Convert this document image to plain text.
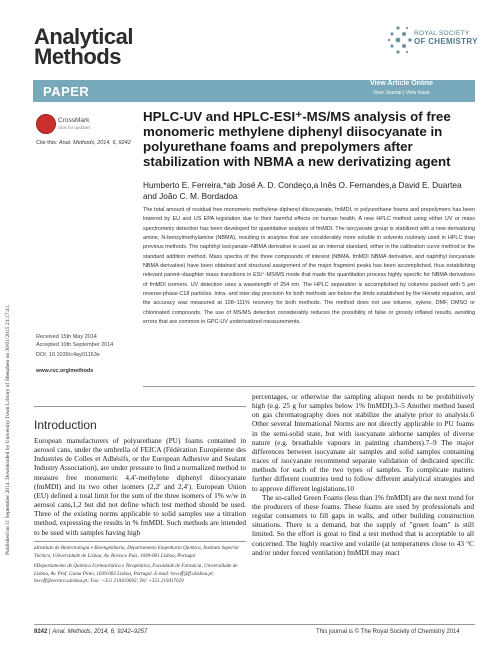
Analytical
Methods
ROYAL SOCIETY
OF CHEMISTRY
Published on 11 September 2014. Downloaded by University Town Library of Shenzhen on 30/01/2015 23:17:41.
PAPER
View Article Online
View Journal | View Issue
CrossMark
click for updates
Cite this: Anal. Methods, 2014, 6, 9242
HPLC-UV and HPLC-ESI⁺-MS/MS analysis of free monomeric methylene diphenyl diisocyanate in polyurethane foams and prepolymers after stabilization with NBMA a new derivatizing agent
Humberto E. Ferreira,*ab José A. D. Condeço,a Inês O. Fernandes,a David E. Duartea
and João C. M. Bordadoa
The total amount of residual free monomeric methylene diphenyl diisocyanate, fmMDI, in polyurethane foams and prepolymers has been lowered by EU and US EPA legislation due to their harmful effects on human health. A new HPLC method using either UV or mass spectrometry detection has been developed for quantitative analysis of fmMDI. The isocyanate group is stabilized with a new derivatizing amine, N-benzylmethylamine (NBMA), resulting in analytes that are considerably more soluble in solvents routinely used in HPLC than previous methods. The naphthyl isocyanate–NBMA derivative is used as an internal standard, either in the calibration curve method or the standard addition method. Mass spectra of the three compounds of interest (NBMA, fmMDI NBMA derivative, and naphthyl isocyanate NBMA derivative) have been obtained and structural assignment of the major fragment peaks has been accomplished, thus establishing relevant parent–daughter mass transitions in ESI⁺-MS/MS mode that made the quantitation process highly specific for NBMA derivatives of fmMDI isomers. UV detection uses a wavelength of 254 nm. The HPLC separation is accomplished by columns packed with 5 μm reverse-phase C18 particles. Intra- and inter-day precision for both methods are below the limits established by the Horwitz equation, and the accuracy was measured at 108–111% recovery for both methods. The method does not use toluene, xylene, DMF, DMSO or chlorinated compounds. The use of MS/MS detection considerably reduces the possibility of false or grossly inflated results, avoiding errors that are common in GPC-UV underivatized measurements.
Received 15th May 2014
Accepted 10th September 2014
DOI: 10.1039/c4ay01163e
www.rsc.org/methods
Introduction

European manufacturers of polyurethane (PU) foams contained in aerosol cans, under the umbrella of FEICA (Fédération Européenne des Industries de Colles et Adhésifs, or the European Adhesive and Sealant Industry Association), are under pressure to find a normalized method to measure free monomeric 4,4′-methylene diphenyl diisocyanate (fmMDI) and its two other isomers (2,2′ and 2,4′). European Union (EU) defined a total limit for the sum of the three isomers of 1% w/w in aerosol cans,1,2 but did not define which test method should be used. Three of the existing norms applicable to solid samples use a titration method, expressing the results in % fmMDI. Such methods are intended to be used with samples having high

percentages, or otherwise the sampling aliquot needs to be prohibitively high (e.g. 25 g for samples below 1% fmMDI).3–5 Another method based on gas chromatography does not stabilize the analyte prior to analysis.6 Other several International Norms are not directly applicable to PU foams in the semi-solid state, but with isocyanate airborne samples of diverse nature (e.g. breathable vapours in painting chambers).7–9 The major differences between isocyanate air samples and solid samples containing traces of isocyanate recommend separate validation of dedicated specific methods for each of the two types of samples. To complicate matters further different countries tend to follow different analytical strategies and to approve different legislations.10

The so-called Green Foams (less than 1% fmMDI) are the next trend for the producers of these foams. These foams are used by professionals and regular consumers to fill gaps in walls, and other building construction situations. There is a demand, but the supply of "green foam" is still limited. So the effort is great to find a test method that is acceptable to all concerned. The highly reactive and volatile (at temperatures close to 43 °C and/or under forced ventilation) fmMDI may react

aInstituto de Biotecnologia e Bioengenharia, Departamento Engenharia Química, Instituto Superior Técnico, Universidade de Lisboa, Av. Rovisco Pais, 1049-001 Lisboa, Portugal

bDepartamento de Química Farmacêutica e Terapêutica, Faculdade de Farmácia, Universidade de Lisboa, Av. Prof. Gama Pinto, 1649-003 Lisboa, Portugal. E-mail: hecoff@ff.ulisboa.pt; hecoff@tecnico.ulisboa.pt; Fax: +351 219419692; Tel: +351 219417629

9242 | Anal. Methods, 2014, 6, 9242–9257	This journal is © The Royal Society of Chemistry 2014
